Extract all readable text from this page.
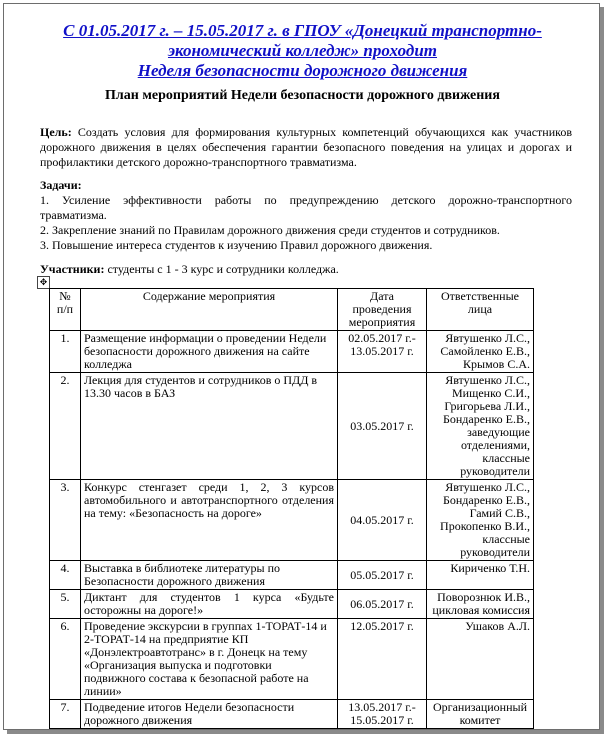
С 01.05.2017 г. – 15.05.2017 г. в ГПОУ «Донецкий транспортно-
экономический колледж» проходит
Неделя безопасности дорожного движения
План мероприятий Недели безопасности дорожного движения
Цель: Создать условия для формирования культурных компетенций обучающихся как участников дорожного движения в целях обеспечения гарантии безопасного поведения на улицах и дорогах и профилактики детского дорожно-транспортного травматизма.
Задачи:
1. Усиление эффективности работы по предупреждению детского дорожно-транспортного травматизма.
2. Закрепление знаний по Правилам дорожного движения среди студентов и сотрудников.
3. Повышение интереса студентов к изучению Правил дорожного движения.
Участники: студенты с 1 - 3 курс и сотрудники колледжа.
✥
№ п/п	Содержание мероприятия	Дата проведения мероприятия	Ответственные лица
1.	Размещение информации о проведении Недели безопасности дорожного движения на сайте колледжа	02.05.2017 г.- 13.05.2017 г.	Явтушенко Л.С., Самойленко Е.В., Крымов С.А.
2.	Лекция для студентов и сотрудников о ПДД в 13.30 часов в БАЗ	03.05.2017 г.	Явтушенко Л.С., Мищенко С.И., Григорьева Л.И., Бондаренко Е.В., заведующие отделениями, классные руководители
3.	Конкурс стенгазет среди 1, 2, 3 курсов автомобильного и автотранспортного отделения на тему: «Безопасность на дороге»	04.05.2017 г.	Явтушенко Л.С., Бондаренко Е.В., Гамий С.В., Прокопенко В.И., классные руководители
4.	Выставка в библиотеке литературы по Безопасности дорожного движения	05.05.2017 г.	Кириченко Т.Н.
5.	Диктант для студентов 1 курса «Будьте осторожны на дороге!»	06.05.2017 г.	Поворознюк И.В., цикловая комиссия
6.	Проведение экскурсии в группах 1-ТОРАТ-14 и 2-ТОРАТ-14 на предприятие КП «Донэлектроавтотранс» в г. Донецк на тему «Организация выпуска и подготовки подвижного состава к безопасной работе на линии»	12.05.2017 г.	Ушаков А.Л.
7.	Подведение итогов Недели безопасности дорожного движения	13.05.2017 г.- 15.05.2017 г.	Организационный комитет
